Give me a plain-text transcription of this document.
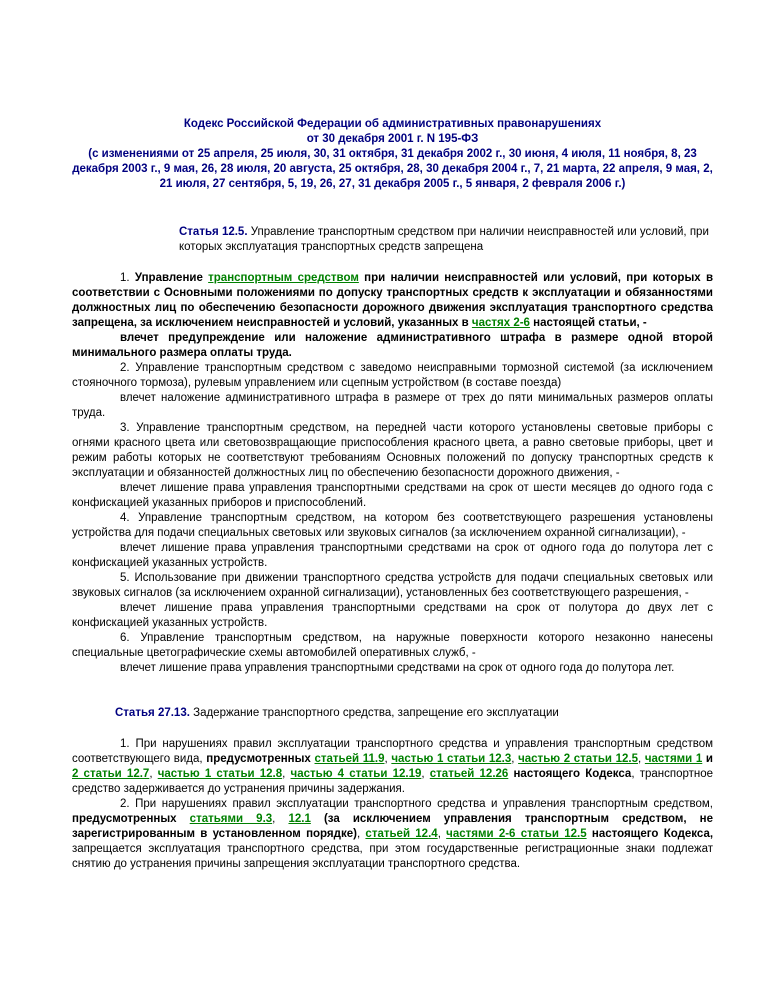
Кодекс Российской Федерации об административных правонарушениях
от 30 декабря 2001 г. N 195-ФЗ
(с изменениями от 25 апреля, 25 июля, 30, 31 октября, 31 декабря 2002 г., 30 июня, 4 июля, 11 ноября, 8, 23 декабря 2003 г., 9 мая, 26, 28 июля, 20 августа, 25 октября, 28, 30 декабря 2004 г., 7, 21 марта, 22 апреля, 9 мая, 2, 21 июля, 27 сентября, 5, 19, 26, 27, 31 декабря 2005 г., 5 января, 2 февраля 2006 г.)
Статья 12.5. Управление транспортным средством при наличии неисправностей или условий, при которых эксплуатация транспортных средств запрещена

1. Управление транспортным средством при наличии неисправностей или условий, при которых в соответствии с Основными положениями по допуску транспортных средств к эксплуатации и обязанностями должностных лиц по обеспечению безопасности дорожного движения эксплуатация транспортного средства запрещена, за исключением неисправностей и условий, указанных в частях 2-6 настоящей статьи, -

влечет предупреждение или наложение административного штрафа в размере одной второй минимального размера оплаты труда.

2. Управление транспортным средством с заведомо неисправными тормозной системой (за исключением стояночного тормоза), рулевым управлением или сцепным устройством (в составе поезда)

влечет наложение административного штрафа в размере от трех до пяти минимальных размеров оплаты труда.

3. Управление транспортным средством, на передней части которого установлены световые приборы с огнями красного цвета или световозвращающие приспособления красного цвета, а равно световые приборы, цвет и режим работы которых не соответствуют требованиям Основных положений по допуску транспортных средств к эксплуатации и обязанностей должностных лиц по обеспечению безопасности дорожного движения, -

влечет лишение права управления транспортными средствами на срок от шести месяцев до одного года с конфискацией указанных приборов и приспособлений.

4. Управление транспортным средством, на котором без соответствующего разрешения установлены устройства для подачи специальных световых или звуковых сигналов (за исключением охранной сигнализации), -

влечет лишение права управления транспортными средствами на срок от одного года до полутора лет с конфискацией указанных устройств.

5. Использование при движении транспортного средства устройств для подачи специальных световых или звуковых сигналов (за исключением охранной сигнализации), установленных без соответствующего разрешения, -

влечет лишение права управления транспортными средствами на срок от полутора до двух лет с конфискацией указанных устройств.

6. Управление транспортным средством, на наружные поверхности которого незаконно нанесены специальные цветографические схемы автомобилей оперативных служб, -

влечет лишение права управления транспортными средствами на срок от одного года до полутора лет.

Статья 27.13. Задержание транспортного средства, запрещение его эксплуатации

1. При нарушениях правил эксплуатации транспортного средства и управления транспортным средством соответствующего вида, предусмотренных статьей 11.9, частью 1 статьи 12.3, частью 2 статьи 12.5, частями 1 и 2 статьи 12.7, частью 1 статьи 12.8, частью 4 статьи 12.19, статьей 12.26 настоящего Кодекса, транспортное средство задерживается до устранения причины задержания.

2. При нарушениях правил эксплуатации транспортного средства и управления транспортным средством, предусмотренных статьями 9.3, 12.1 (за исключением управления транспортным средством, не зарегистрированным в установленном порядке), статьей 12.4, частями 2-6 статьи 12.5 настоящего Кодекса, запрещается эксплуатация транспортного средства, при этом государственные регистрационные знаки подлежат снятию до устранения причины запрещения эксплуатации транспортного средства.
